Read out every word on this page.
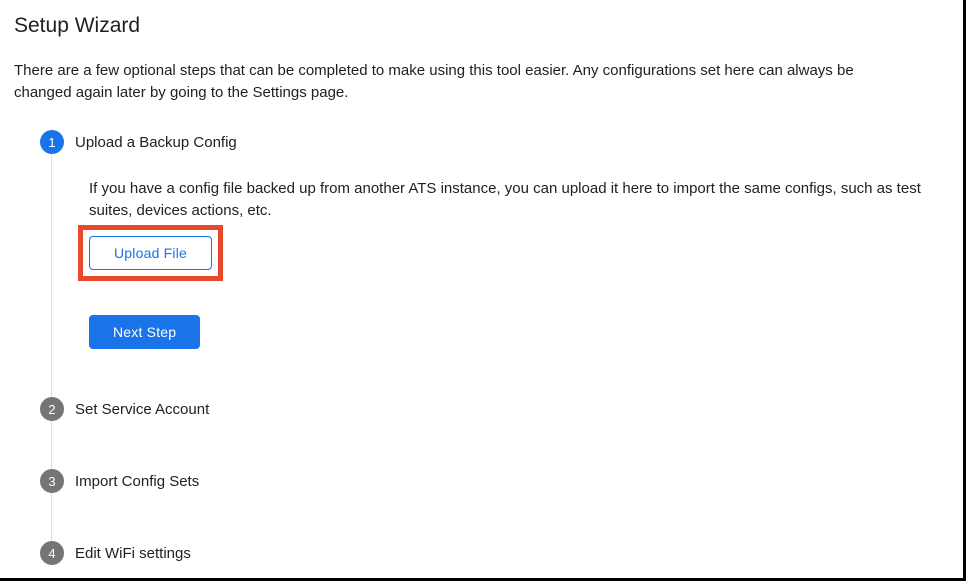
Setup Wizard

There are a few optional steps that can be completed to make using this tool easier. Any configurations set here can always be changed again later by going to the Settings page.

1	Upload a Backup Config

If you have a config file backed up from another ATS instance, you can upload it here to import the same configs, such as test suites, devices actions, etc.

Upload File
Next Step
2	Set Service Account
3	Import Config Sets
4	Edit WiFi settings
